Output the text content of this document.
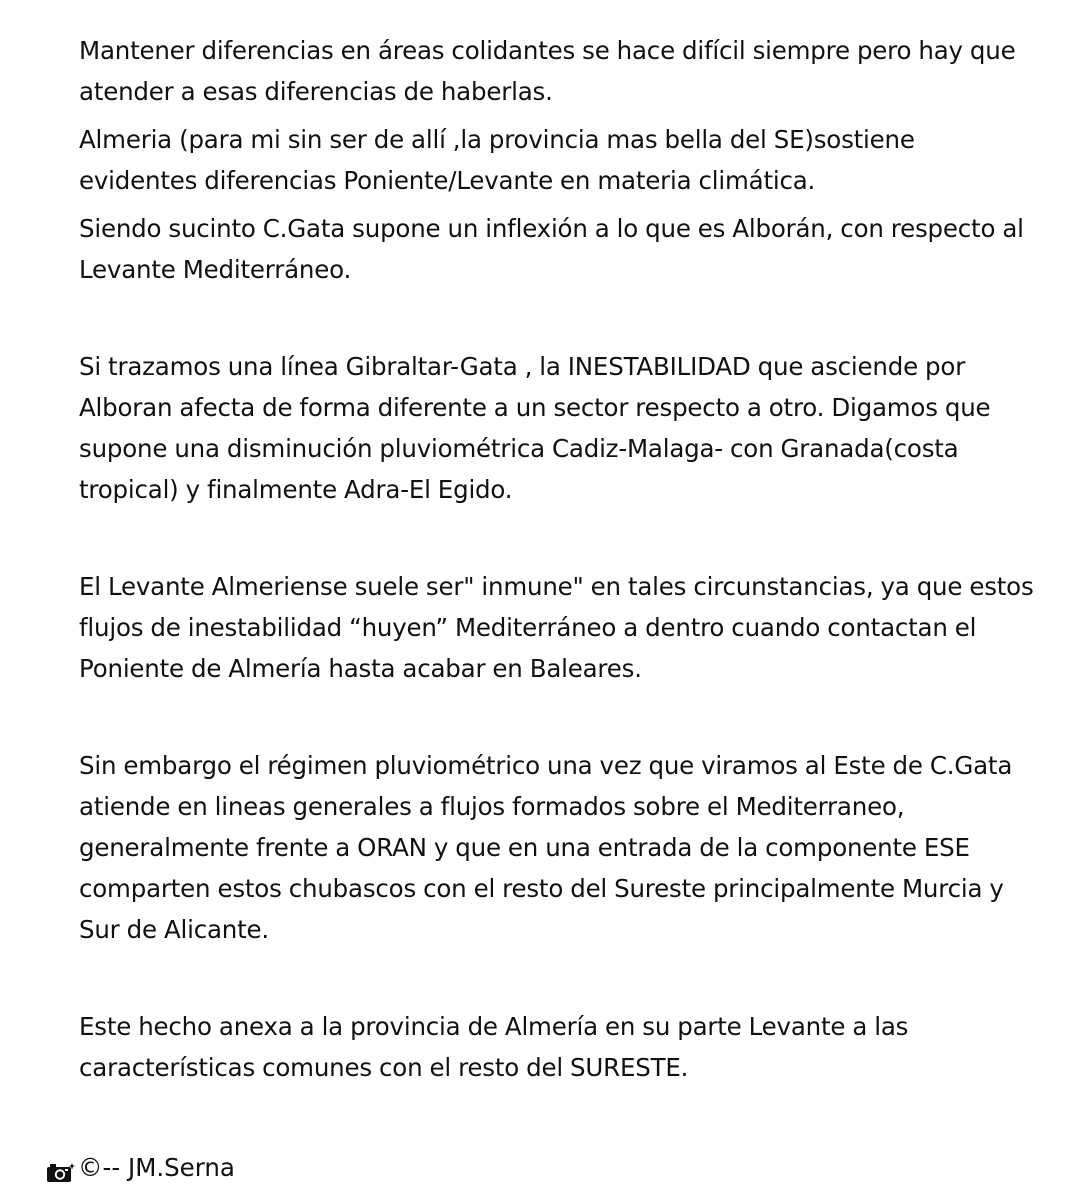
Mantener diferencias en áreas colidantes se hace difícil siempre pero hay que atender a esas diferencias de haberlas.

Almeria (para mi sin ser de allí ,la provincia mas bella del SE)sostiene evidentes diferencias Poniente/Levante en materia climática.

Siendo sucinto C.Gata supone un inflexión a lo que es Alborán, con respecto al Levante Mediterráneo.

Si trazamos una línea Gibraltar-Gata , la INESTABILIDAD que asciende por Alboran afecta de forma diferente a un sector respecto a otro. Digamos que supone una disminución pluviométrica Cadiz-Malaga- con Granada(costa tropical) y finalmente Adra-El Egido.

El Levante Almeriense suele ser" inmune" en tales circunstancias, ya que estos flujos de inestabilidad “huyen” Mediterráneo a dentro cuando contactan el Poniente de Almería hasta acabar en Baleares.

Sin embargo el régimen pluviométrico una vez que viramos al Este de C.Gata atiende en lineas generales a flujos formados sobre el Mediterraneo, generalmente frente a ORAN y que en una entrada de la componente ESE comparten estos chubascos con el resto del Sureste principalmente Murcia y Sur de Alicante.

Este hecho anexa a la provincia de Almería en su parte Levante a las características comunes con el resto del SURESTE.

©-- JM.Serna
